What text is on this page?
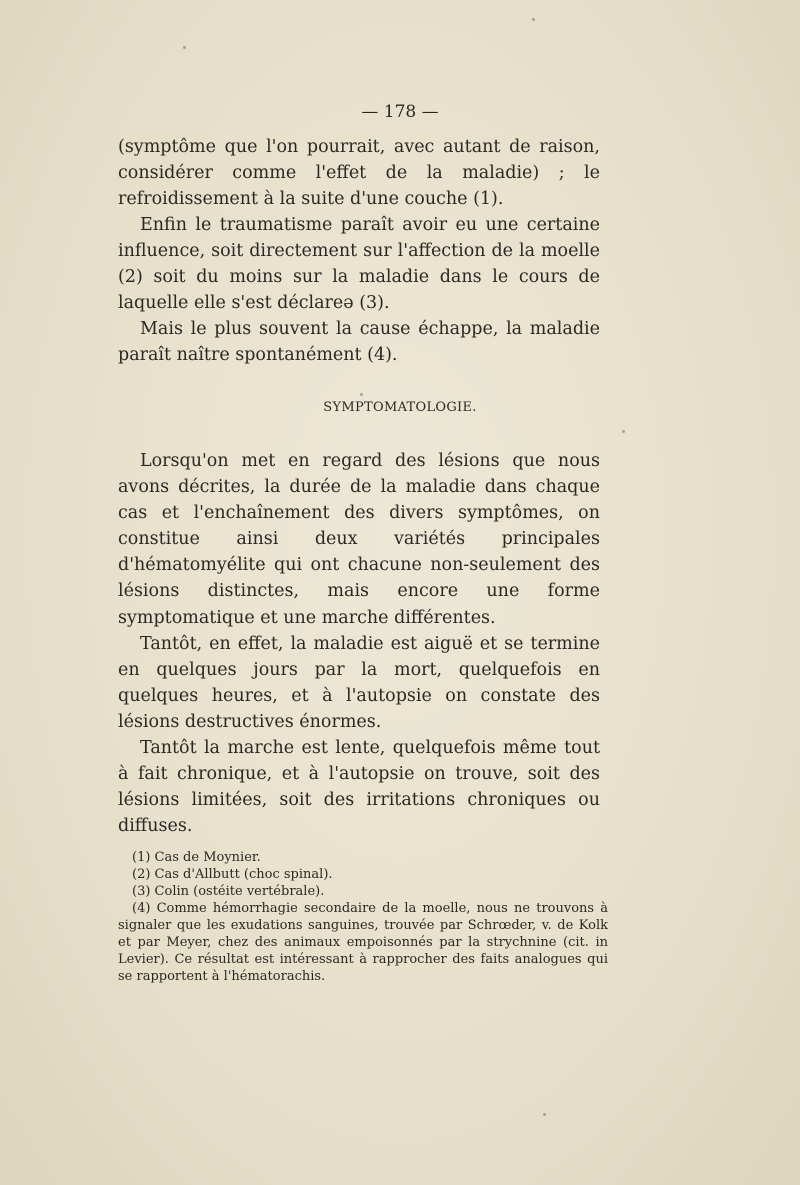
— 178 —

(symptôme que l'on pourrait, avec autant de raison, considérer comme l'effet de la maladie) ; le refroidissement à la suite d'une couche (1).

Enfin le traumatisme paraît avoir eu une certaine influence, soit directement sur l'affection de la moelle (2) soit du moins sur la maladie dans le cours de laquelle elle s'est déclareə (3).

Mais le plus souvent la cause échappe, la maladie paraît naître spontanément (4).

SYMPTOMATOLOGIE.

Lorsqu'on met en regard des lésions que nous avons décrites, la durée de la maladie dans chaque cas et l'enchaînement des divers symptômes, on constitue ainsi deux variétés principales d'hématomyélite qui ont chacune non-seulement des lésions distinctes, mais encore une forme symptomatique et une marche différentes.

Tantôt, en effet, la maladie est aiguë et se termine en quelques jours par la mort, quelquefois en quelques heures, et à l'autopsie on constate des lésions destructives énormes.

Tantôt la marche est lente, quelquefois même tout à fait chronique, et à l'autopsie on trouve, soit des lésions limitées, soit des irritations chroniques ou diffuses.

(1) Cas de Moynier.

(2) Cas d'Allbutt (choc spinal).

(3) Colin (ostéite vertébrale).

(4) Comme hémorrhagie secondaire de la moelle, nous ne trouvons à signaler que les exudations sanguines, trouvée par Schrœder, v. de Kolk et par Meyer, chez des animaux empoisonnés par la strychnine (cit. in Levier). Ce résultat est intéressant à rapprocher des faits analogues qui se rapportent à l'hématorachis.
